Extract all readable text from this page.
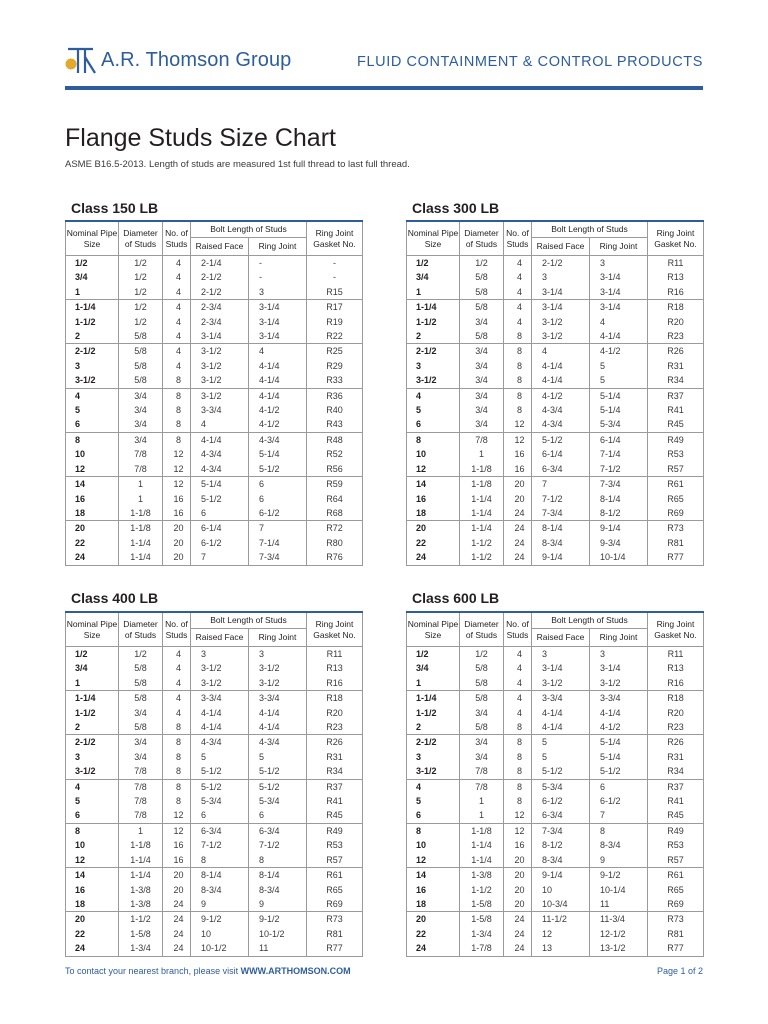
A.R. Thomson Group	FLUID CONTAINMENT & CONTROL PRODUCTS
Flange Studs Size Chart
ASME B16.5-2013. Length of studs are measured 1st full thread to last full thread.
Class 150 LB
Nominal Pipe Size	Diameter of Studs	No. of Studs	Bolt Length of Studs		Ring Joint Gasket No.
			Raised Face	Ring Joint	
1/2	1/2	4	2-1/4	-	-
3/4	1/2	4	2-1/2	-	-
1	1/2	4	2-1/2	3	R15
1-1/4	1/2	4	2-3/4	3-1/4	R17
1-1/2	1/2	4	2-3/4	3-1/4	R19
2	5/8	4	3-1/4	3-1/4	R22
2-1/2	5/8	4	3-1/2	4	R25
3	5/8	4	3-1/2	4-1/4	R29
3-1/2	5/8	8	3-1/2	4-1/4	R33
4	3/4	8	3-1/2	4-1/4	R36
5	3/4	8	3-3/4	4-1/2	R40
6	3/4	8	4	4-1/2	R43
8	3/4	8	4-1/4	4-3/4	R48
10	7/8	12	4-3/4	5-1/4	R52
12	7/8	12	4-3/4	5-1/2	R56
14	1	12	5-1/4	6	R59
16	1	16	5-1/2	6	R64
18	1-1/8	16	6	6-1/2	R68
20	1-1/8	20	6-1/4	7	R72
22	1-1/4	20	6-1/2	7-1/4	R80
24	1-1/4	20	7	7-3/4	R76
Class 300 LB
Nominal Pipe Size	Diameter of Studs	No. of Studs	Bolt Length of Studs		Ring Joint Gasket No.
			Raised Face	Ring Joint	
1/2	1/2	4	2-1/2	3	R11
3/4	5/8	4	3	3-1/4	R13
1	5/8	4	3-1/4	3-1/4	R16
1-1/4	5/8	4	3-1/4	3-1/4	R18
1-1/2	3/4	4	3-1/2	4	R20
2	5/8	8	3-1/2	4-1/4	R23
2-1/2	3/4	8	4	4-1/2	R26
3	3/4	8	4-1/4	5	R31
3-1/2	3/4	8	4-1/4	5	R34
4	3/4	8	4-1/2	5-1/4	R37
5	3/4	8	4-3/4	5-1/4	R41
6	3/4	12	4-3/4	5-3/4	R45
8	7/8	12	5-1/2	6-1/4	R49
10	1	16	6-1/4	7-1/4	R53
12	1-1/8	16	6-3/4	7-1/2	R57
14	1-1/8	20	7	7-3/4	R61
16	1-1/4	20	7-1/2	8-1/4	R65
18	1-1/4	24	7-3/4	8-1/2	R69
20	1-1/4	24	8-1/4	9-1/4	R73
22	1-1/2	24	8-3/4	9-3/4	R81
24	1-1/2	24	9-1/4	10-1/4	R77
Class 400 LB
Nominal Pipe Size	Diameter of Studs	No. of Studs	Bolt Length of Studs		Ring Joint Gasket No.
			Raised Face	Ring Joint	
1/2	1/2	4	3	3	R11
3/4	5/8	4	3-1/2	3-1/2	R13
1	5/8	4	3-1/2	3-1/2	R16
1-1/4	5/8	4	3-3/4	3-3/4	R18
1-1/2	3/4	4	4-1/4	4-1/4	R20
2	5/8	8	4-1/4	4-1/4	R23
2-1/2	3/4	8	4-3/4	4-3/4	R26
3	3/4	8	5	5	R31
3-1/2	7/8	8	5-1/2	5-1/2	R34
4	7/8	8	5-1/2	5-1/2	R37
5	7/8	8	5-3/4	5-3/4	R41
6	7/8	12	6	6	R45
8	1	12	6-3/4	6-3/4	R49
10	1-1/8	16	7-1/2	7-1/2	R53
12	1-1/4	16	8	8	R57
14	1-1/4	20	8-1/4	8-1/4	R61
16	1-3/8	20	8-3/4	8-3/4	R65
18	1-3/8	24	9	9	R69
20	1-1/2	24	9-1/2	9-1/2	R73
22	1-5/8	24	10	10-1/2	R81
24	1-3/4	24	10-1/2	11	R77
Class 600 LB
Nominal Pipe Size	Diameter of Studs	No. of Studs	Bolt Length of Studs		Ring Joint Gasket No.
			Raised Face	Ring Joint	
1/2	1/2	4	3	3	R11
3/4	5/8	4	3-1/4	3-1/4	R13
1	5/8	4	3-1/2	3-1/2	R16
1-1/4	5/8	4	3-3/4	3-3/4	R18
1-1/2	3/4	4	4-1/4	4-1/4	R20
2	5/8	8	4-1/4	4-1/2	R23
2-1/2	3/4	8	5	5-1/4	R26
3	3/4	8	5	5-1/4	R31
3-1/2	7/8	8	5-1/2	5-1/2	R34
4	7/8	8	5-3/4	6	R37
5	1	8	6-1/2	6-1/2	R41
6	1	12	6-3/4	7	R45
8	1-1/8	12	7-3/4	8	R49
10	1-1/4	16	8-1/2	8-3/4	R53
12	1-1/4	20	8-3/4	9	R57
14	1-3/8	20	9-1/4	9-1/2	R61
16	1-1/2	20	10	10-1/4	R65
18	1-5/8	20	10-3/4	11	R69
20	1-5/8	24	11-1/2	11-3/4	R73
22	1-3/4	24	12	12-1/2	R81
24	1-7/8	24	13	13-1/2	R77
To contact your nearest branch, please visit WWW.ARTHOMSON.COM	Page 1 of 2
